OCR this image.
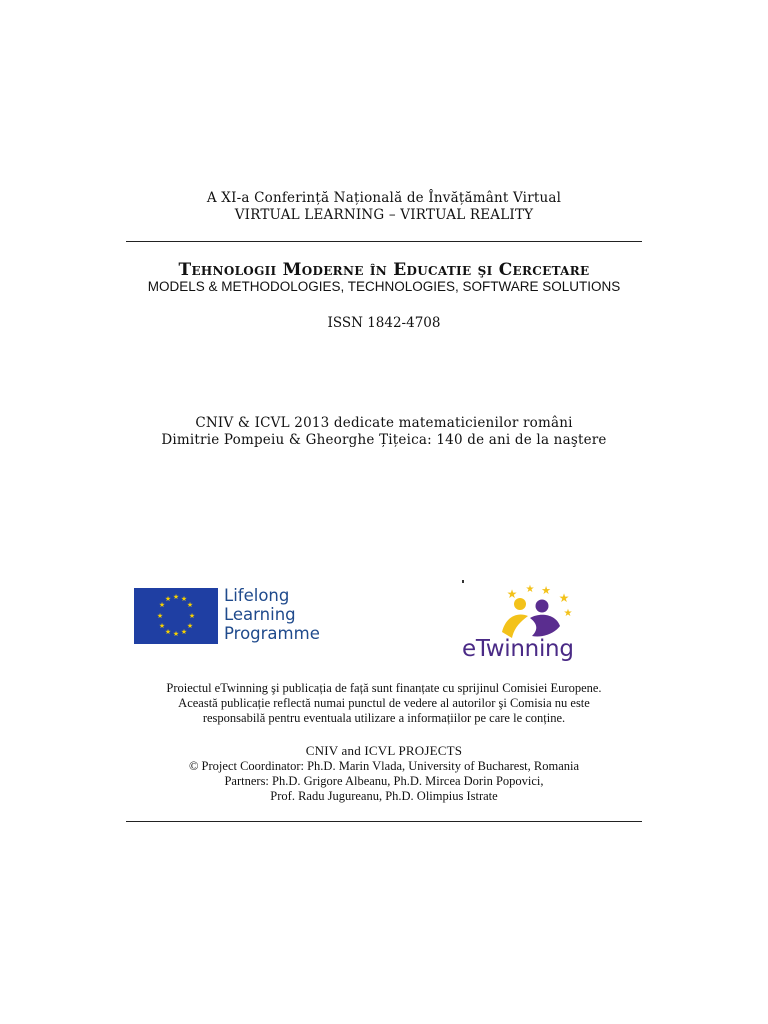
A XI-a Conferință Națională de Învățământ Virtual
VIRTUAL LEARNING – VIRTUAL REALITY
Tehnologii Moderne în Educatie şi Cercetare
MODELS & METHODOLOGIES, TECHNOLOGIES, SOFTWARE SOLUTIONS
ISSN 1842-4708
CNIV & ICVL 2013 dedicate matematicienilor români
Dimitrie Pompeiu & Gheorghe Țițeica: 140 de ani de la naştere
★ ★
★
★
★
★
★
★
★
★
★
★	Lifelong
Learning
Programme
★ ★ ★
★
★
eTwinning
Proiectul eTwinning şi publicația de față sunt finanțate cu sprijinul Comisiei Europene.
Această publicație reflectă numai punctul de vedere al autorilor şi Comisia nu este
responsabilă pentru eventuala utilizare a informațiilor pe care le conține.
CNIV and ICVL PROJECTS
© Project Coordinator: Ph.D. Marin Vlada, University of Bucharest, Romania
Partners: Ph.D. Grigore Albeanu, Ph.D. Mircea Dorin Popovici,
Prof. Radu Jugureanu, Ph.D. Olimpius Istrate
